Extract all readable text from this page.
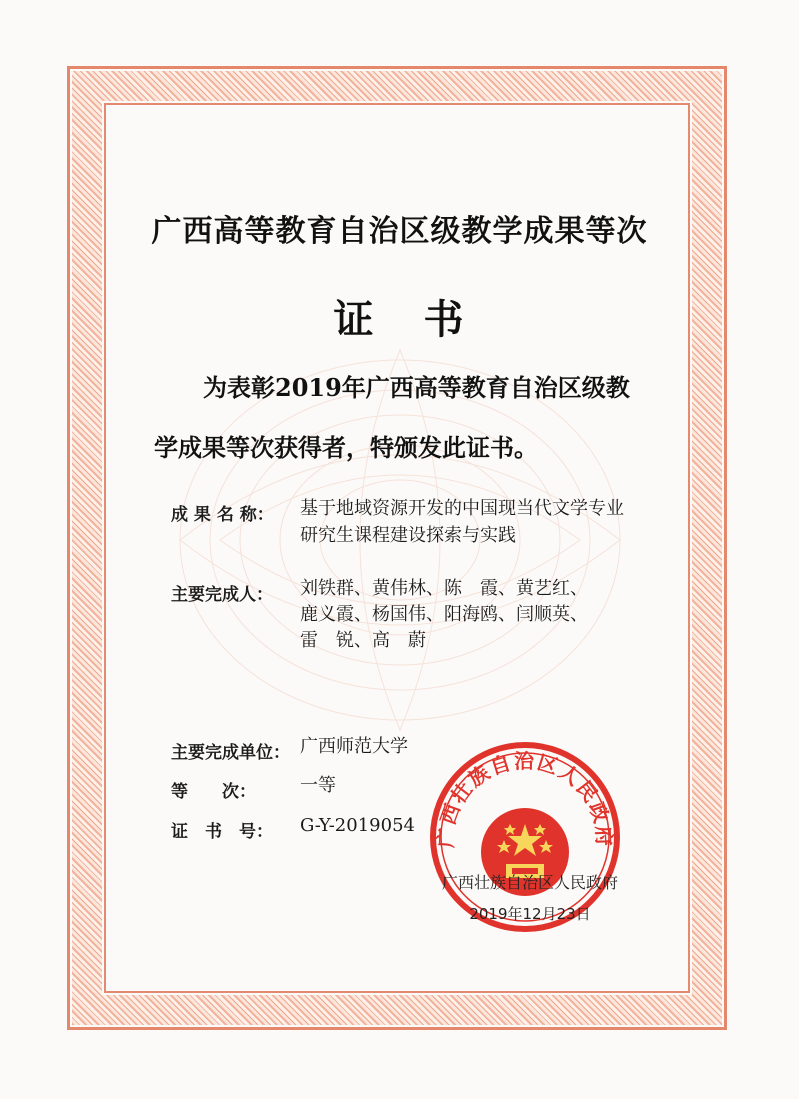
广西高等教育自治区级教学成果等次
证 书
为表彰2019年广西高等教育自治区级教
学成果等次获得者，特颁发此证书。
成 果 名 称： 基于地域资源开发的中国现当代文学专业
研究生课程建设探索与实践
主要完成人： 刘铁群、黄伟林、陈　霞、黄艺红、
鹿义霞、杨国伟、阳海鸥、闫顺英、
雷　锐、高　蔚
主要完成单位： 广西师范大学
等　　次： 一等
证　书　号： G-Y-2019054 广西壮族自治区人民政府
广西壮族自治区人民政府
2019年12月23日
